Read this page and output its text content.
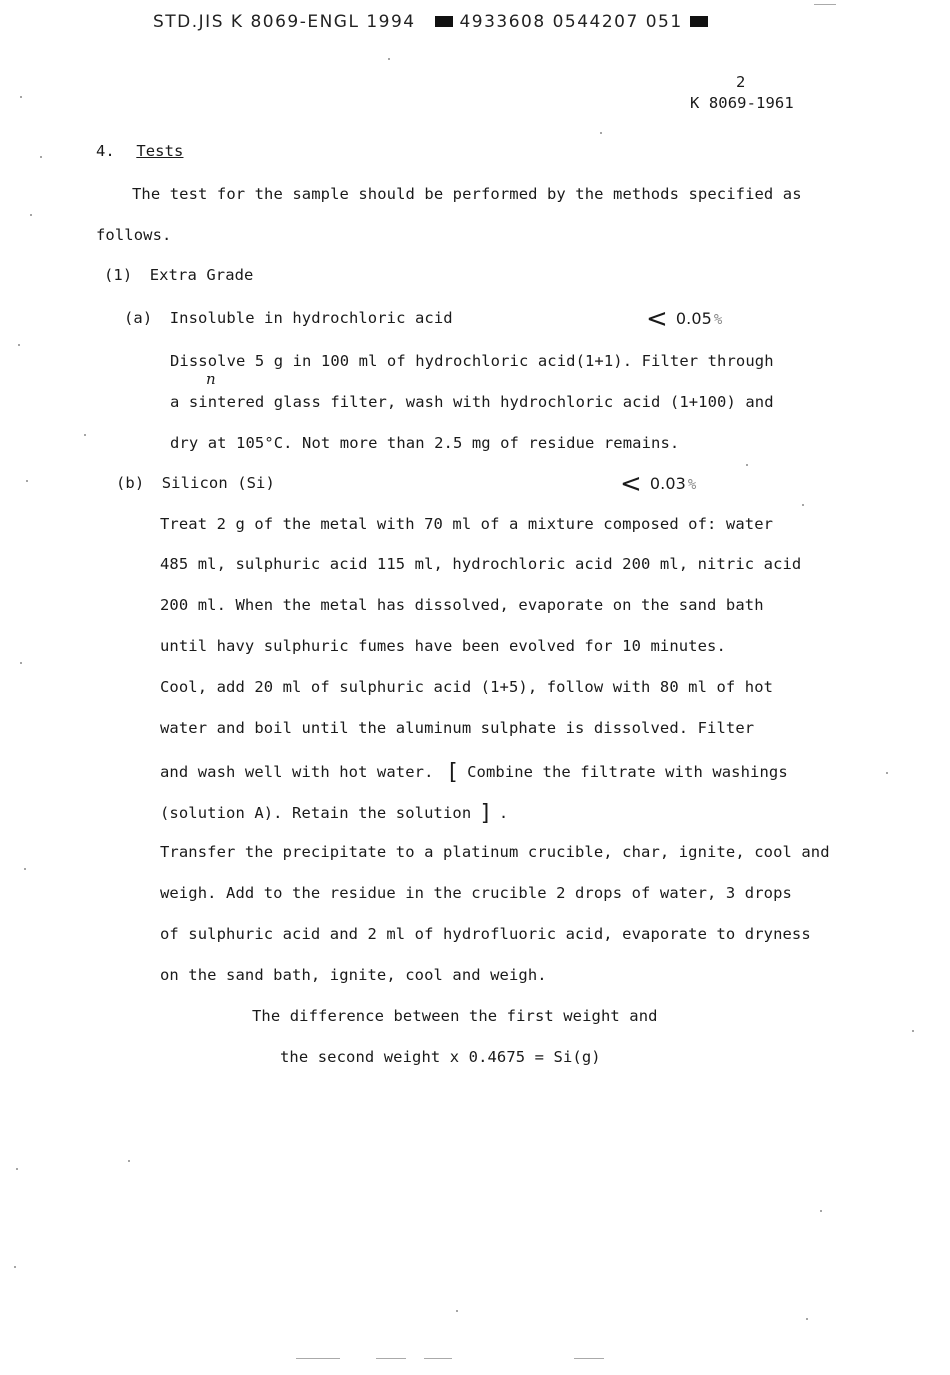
STD.JIS K 8069-ENGL 1994	4933608 0544207 051
2
K 8069-1961
4. Tests
The test for the sample should be performed by the methods specified as
follows.
(1) Extra Grade
(a) Insoluble in hydrochloric acid	< 0.05 %
n
Dissolve 5 g in 100 ml of hydrochloric acid(1+1). Filter through
a sintered glass filter, wash with hydrochloric acid (1+100) and
dry at 105°C. Not more than 2.5 mg of residue remains.
(b) Silicon (Si)	< 0.03 %
Treat 2 g of the metal with 70 ml of a mixture composed of: water
485 ml, sulphuric acid 115 ml, hydrochloric acid 200 ml, nitric acid
200 ml. When the metal has dissolved, evaporate on the sand bath
until havy sulphuric fumes have been evolved for 10 minutes.
Cool, add 20 ml of sulphuric acid (1+5), follow with 80 ml of hot
water and boil until the aluminum sulphate is dissolved. Filter
and wash well with hot water. [ Combine the filtrate with washings
(solution A). Retain the solution ] .
Transfer the precipitate to a platinum crucible, char, ignite, cool and
weigh. Add to the residue in the crucible 2 drops of water, 3 drops
of sulphuric acid and 2 ml of hydrofluoric acid, evaporate to dryness
on the sand bath, ignite, cool and weigh.
The difference between the first weight and
the second weight x 0.4675 = Si(g)
